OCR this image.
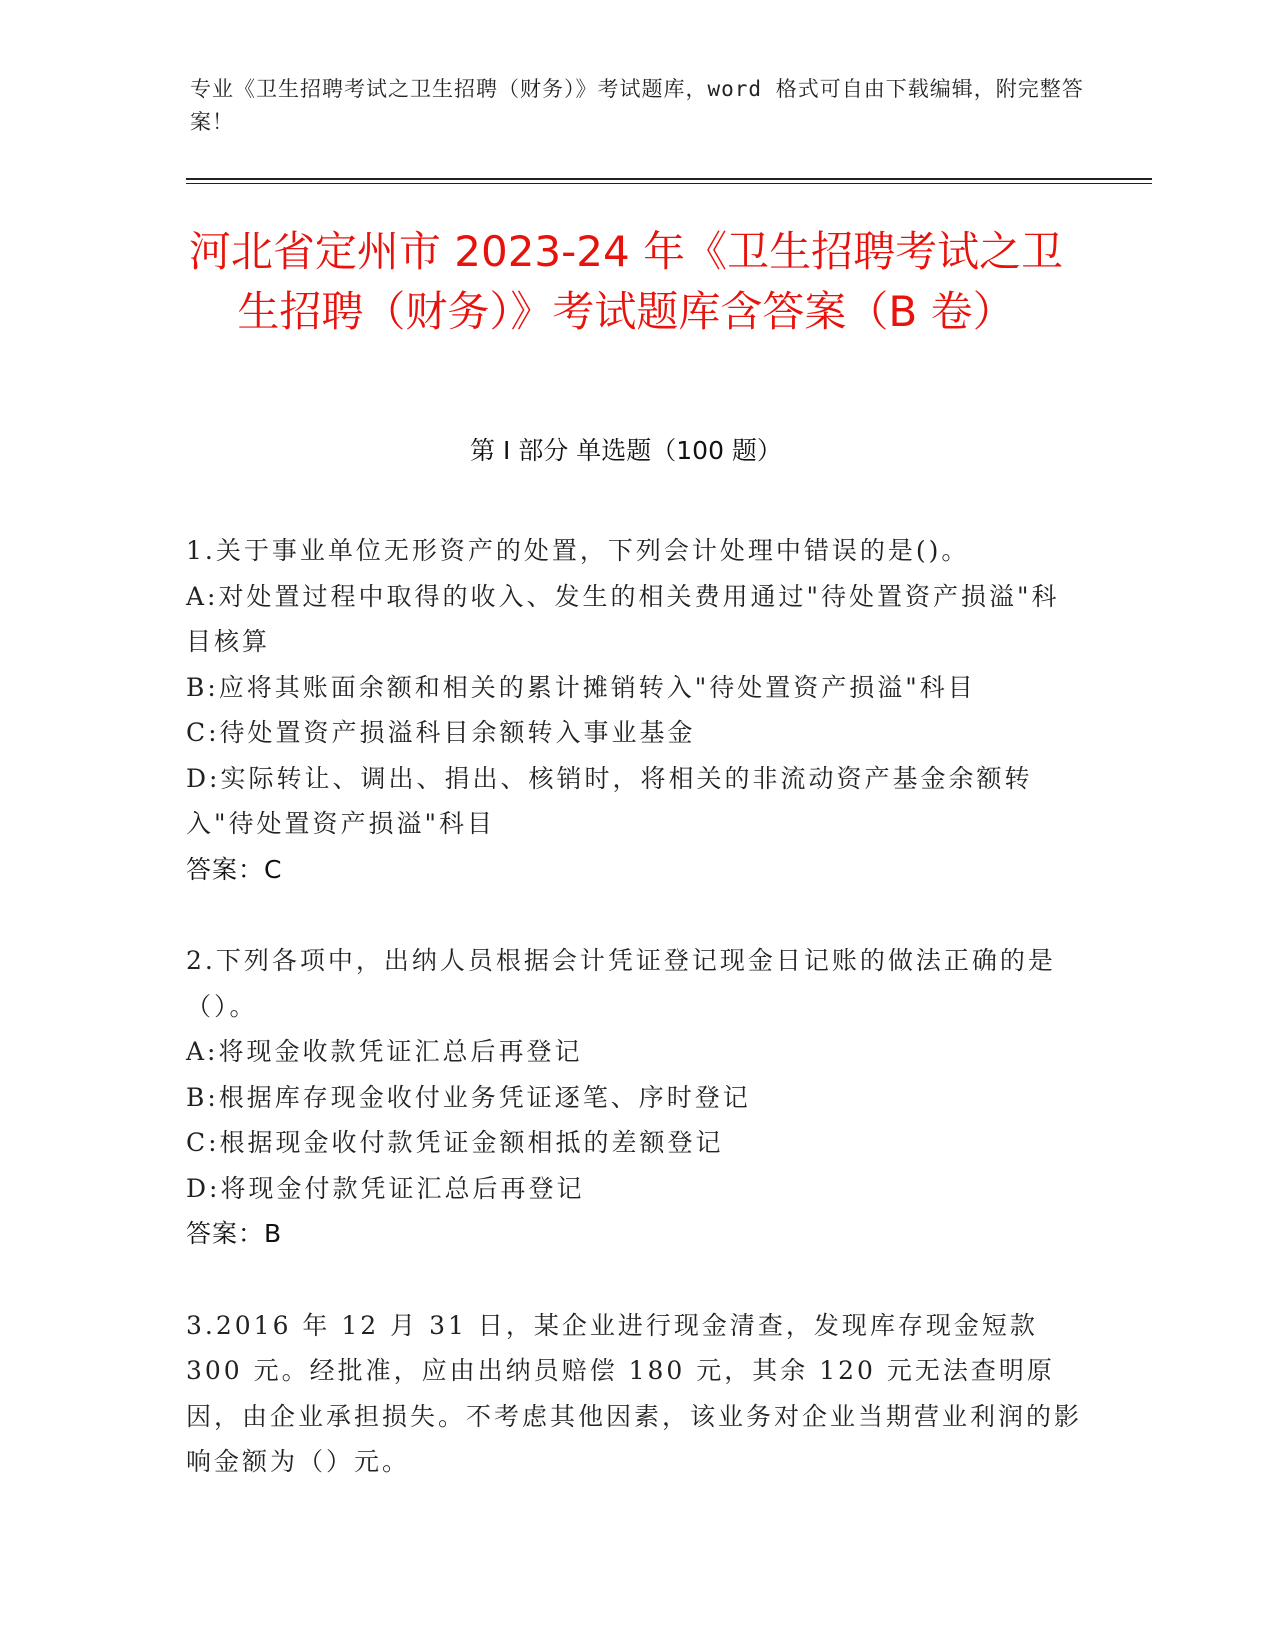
专业《卫生招聘考试之卫生招聘（财务）》考试题库，word 格式可自由下载编辑，附完整答案！
河北省定州市 2023-24 年《卫生招聘考试之卫生招聘（财务）》考试题库含答案（B 卷）
第 I 部分 单选题（100 题）
1.关于事业单位无形资产的处置，下列会计处理中错误的是()。
A:对处置过程中取得的收入、发生的相关费用通过"待处置资产损溢"科目核算
B:应将其账面余额和相关的累计摊销转入"待处置资产损溢"科目
C:待处置资产损溢科目余额转入事业基金
D:实际转让、调出、捐出、核销时，将相关的非流动资产基金余额转入"待处置资产损溢"科目
答案：C
2.下列各项中，出纳人员根据会计凭证登记现金日记账的做法正确的是（）。
A:将现金收款凭证汇总后再登记
B:根据库存现金收付业务凭证逐笔、序时登记
C:根据现金收付款凭证金额相抵的差额登记
D:将现金付款凭证汇总后再登记
答案：B
3.2016 年 12 月 31 日，某企业进行现金清查，发现库存现金短款 300 元。经批准，应由出纳员赔偿 180 元，其余 120 元无法查明原因，由企业承担损失。不考虑其他因素，该业务对企业当期营业利润的影响金额为（）元。
